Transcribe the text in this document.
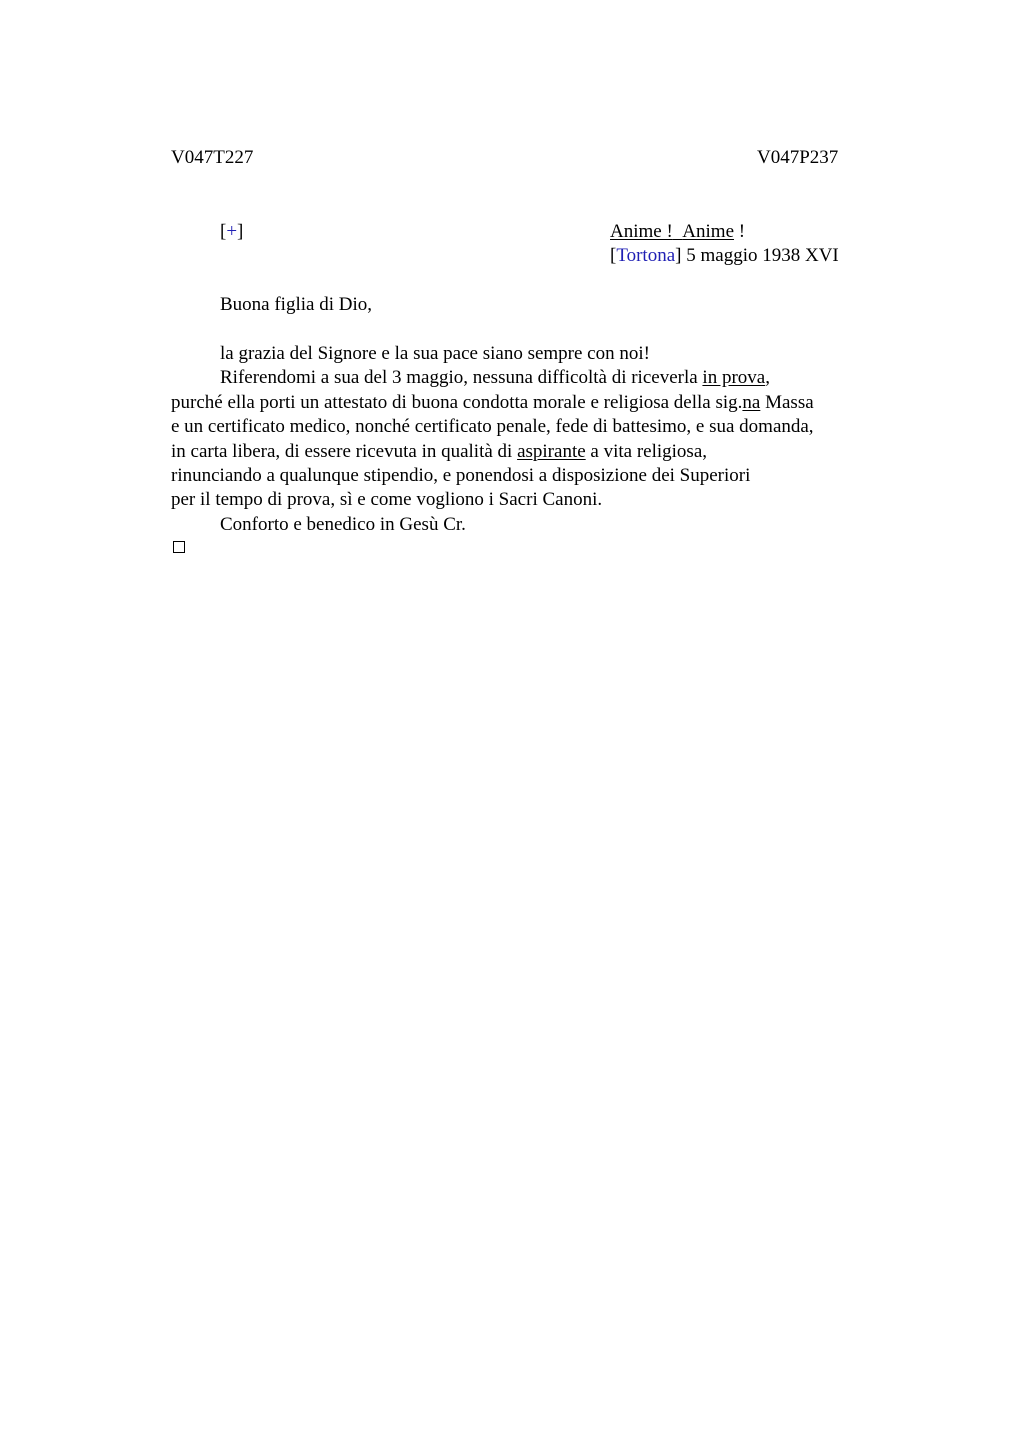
V047T227	V047P237
[+]	Anime ! Anime !
[Tortona] 5 maggio 1938 XVI
Buona figlia di Dio,
la grazia del Signore e la sua pace siano sempre con noi!
Riferendomi a sua del 3 maggio, nessuna difficoltà di riceverla in prova,
purché ella porti un attestato di buona condotta morale e religiosa della sig.na Massa
e un certificato medico, nonché certificato penale, fede di battesimo, e sua domanda,
in carta libera, di essere ricevuta in qualità di aspirante a vita religiosa,
rinunciando a qualunque stipendio, e ponendosi a disposizione dei Superiori
per il tempo di prova, sì e come vogliono i Sacri Canoni.
Conforto e benedico in Gesù Cr.
